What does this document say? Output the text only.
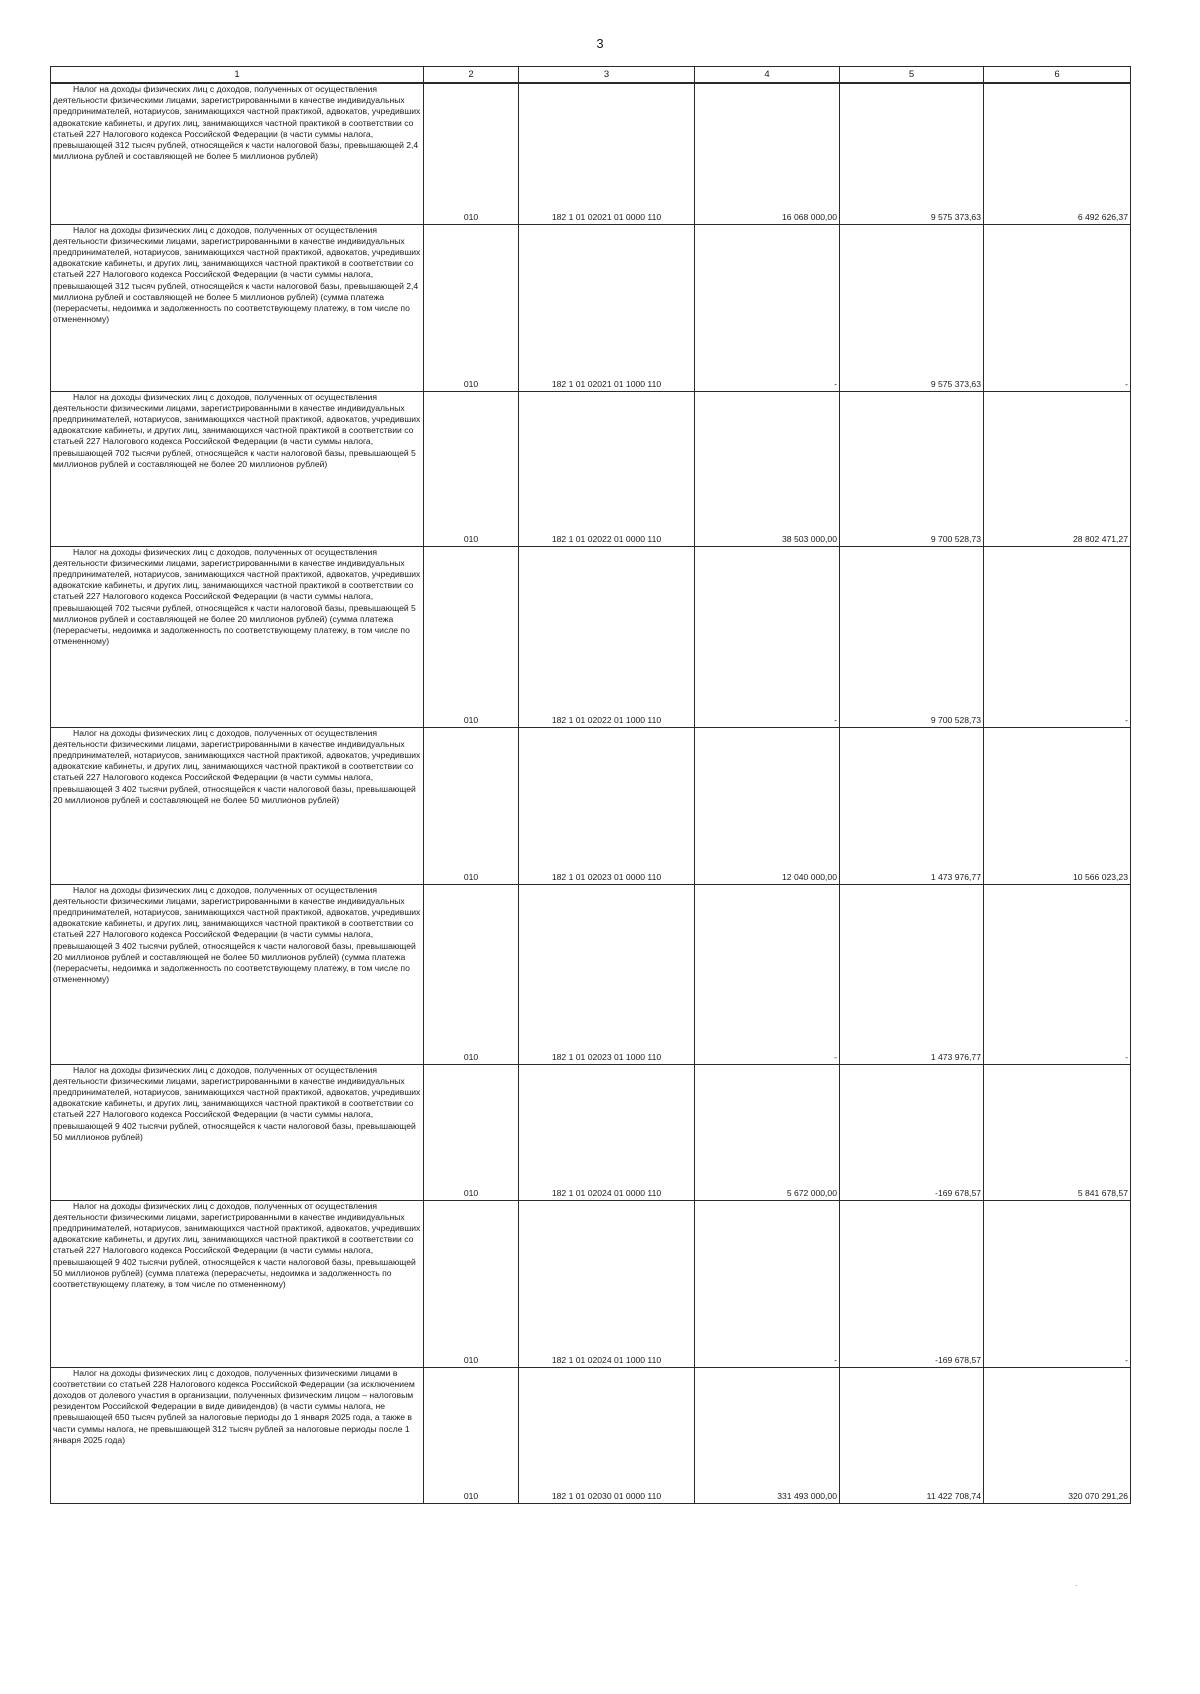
3
1	2	3	4	5	6

Налог на доходы физических лиц с доходов, полученных от осуществления деятельности физическими лицами, зарегистрированными в качестве индивидуальных предпринимателей, нотариусов, занимающихся частной практикой, адвокатов, учредивших адвокатские кабинеты, и других лиц, занимающихся частной практикой в соответствии со статьей 227 Налогового кодекса Российской Федерации (в части суммы налога, превышающей 312 тысяч рублей, относящейся к части налоговой базы, превышающей 2,4 миллиона рублей и составляющей не более 5 миллионов рублей)	010	182 1 01 02021 01 0000 110	16 068 000,00	9 575 373,63	6 492 626,37

Налог на доходы физических лиц с доходов, полученных от осуществления деятельности физическими лицами, зарегистрированными в качестве индивидуальных предпринимателей, нотариусов, занимающихся частной практикой, адвокатов, учредивших адвокатские кабинеты, и других лиц, занимающихся частной практикой в соответствии со статьей 227 Налогового кодекса Российской Федерации (в части суммы налога, превышающей 312 тысяч рублей, относящейся к части налоговой базы, превышающей 2,4 миллиона рублей и составляющей не более 5 миллионов рублей) (сумма платежа (перерасчеты, недоимка и задолженность по соответствующему платежу, в том числе по отмененному)	010	182 1 01 02021 01 1000 110	-	9 575 373,63	-

Налог на доходы физических лиц с доходов, полученных от осуществления деятельности физическими лицами, зарегистрированными в качестве индивидуальных предпринимателей, нотариусов, занимающихся частной практикой, адвокатов, учредивших адвокатские кабинеты, и других лиц, занимающихся частной практикой в соответствии со статьей 227 Налогового кодекса Российской Федерации (в части суммы налога, превышающей 702 тысячи рублей, относящейся к части налоговой базы, превышающей 5 миллионов рублей и составляющей не более 20 миллионов рублей)	010	182 1 01 02022 01 0000 110	38 503 000,00	9 700 528,73	28 802 471,27

Налог на доходы физических лиц с доходов, полученных от осуществления деятельности физическими лицами, зарегистрированными в качестве индивидуальных предпринимателей, нотариусов, занимающихся частной практикой, адвокатов, учредивших адвокатские кабинеты, и других лиц, занимающихся частной практикой в соответствии со статьей 227 Налогового кодекса Российской Федерации (в части суммы налога, превышающей 702 тысячи рублей, относящейся к части налоговой базы, превышающей 5 миллионов рублей и составляющей не более 20 миллионов рублей) (сумма платежа (перерасчеты, недоимка и задолженность по соответствующему платежу, в том числе по отмененному)	010	182 1 01 02022 01 1000 110	-	9 700 528,73	-

Налог на доходы физических лиц с доходов, полученных от осуществления деятельности физическими лицами, зарегистрированными в качестве индивидуальных предпринимателей, нотариусов, занимающихся частной практикой, адвокатов, учредивших адвокатские кабинеты, и других лиц, занимающихся частной практикой в соответствии со статьей 227 Налогового кодекса Российской Федерации (в части суммы налога, превышающей 3 402 тысячи рублей, относящейся к части налоговой базы, превышающей 20 миллионов рублей и составляющей не более 50 миллионов рублей)	010	182 1 01 02023 01 0000 110	12 040 000,00	1 473 976,77	10 566 023,23

Налог на доходы физических лиц с доходов, полученных от осуществления деятельности физическими лицами, зарегистрированными в качестве индивидуальных предпринимателей, нотариусов, занимающихся частной практикой, адвокатов, учредивших адвокатские кабинеты, и других лиц, занимающихся частной практикой в соответствии со статьей 227 Налогового кодекса Российской Федерации (в части суммы налога, превышающей 3 402 тысячи рублей, относящейся к части налоговой базы, превышающей 20 миллионов рублей и составляющей не более 50 миллионов рублей) (сумма платежа (перерасчеты, недоимка и задолженность по соответствующему платежу, в том числе по отмененному)	010	182 1 01 02023 01 1000 110	-	1 473 976,77	-

Налог на доходы физических лиц с доходов, полученных от осуществления деятельности физическими лицами, зарегистрированными в качестве индивидуальных предпринимателей, нотариусов, занимающихся частной практикой, адвокатов, учредивших адвокатские кабинеты, и других лиц, занимающихся частной практикой в соответствии со статьей 227 Налогового кодекса Российской Федерации (в части суммы налога, превышающей 9 402 тысячи рублей, относящейся к части налоговой базы, превышающей 50 миллионов рублей)	010	182 1 01 02024 01 0000 110	5 672 000,00	-169 678,57	5 841 678,57

Налог на доходы физических лиц с доходов, полученных от осуществления деятельности физическими лицами, зарегистрированными в качестве индивидуальных предпринимателей, нотариусов, занимающихся частной практикой, адвокатов, учредивших адвокатские кабинеты, и других лиц, занимающихся частной практикой в соответствии со статьей 227 Налогового кодекса Российской Федерации (в части суммы налога, превышающей 9 402 тысячи рублей, относящейся к части налоговой базы, превышающей 50 миллионов рублей) (сумма платежа (перерасчеты, недоимка и задолженность по соответствующему платежу, в том числе по отмененному)	010	182 1 01 02024 01 1000 110	-	-169 678,57	-

Налог на доходы физических лиц с доходов, полученных физическими лицами в соответствии со статьей 228 Налогового кодекса Российской Федерации (за исключением доходов от долевого участия в организации, полученных физическим лицом – налоговым резидентом Российской Федерации в виде дивидендов) (в части суммы налога, не превышающей 650 тысяч рублей за налоговые периоды до 1 января 2025 года, а также в части суммы налога, не превышающей 312 тысяч рублей за налоговые периоды после 1 января 2025 года)	010	182 1 01 02030 01 0000 110	331 493 000,00	11 422 708,74	320 070 291,26
·
